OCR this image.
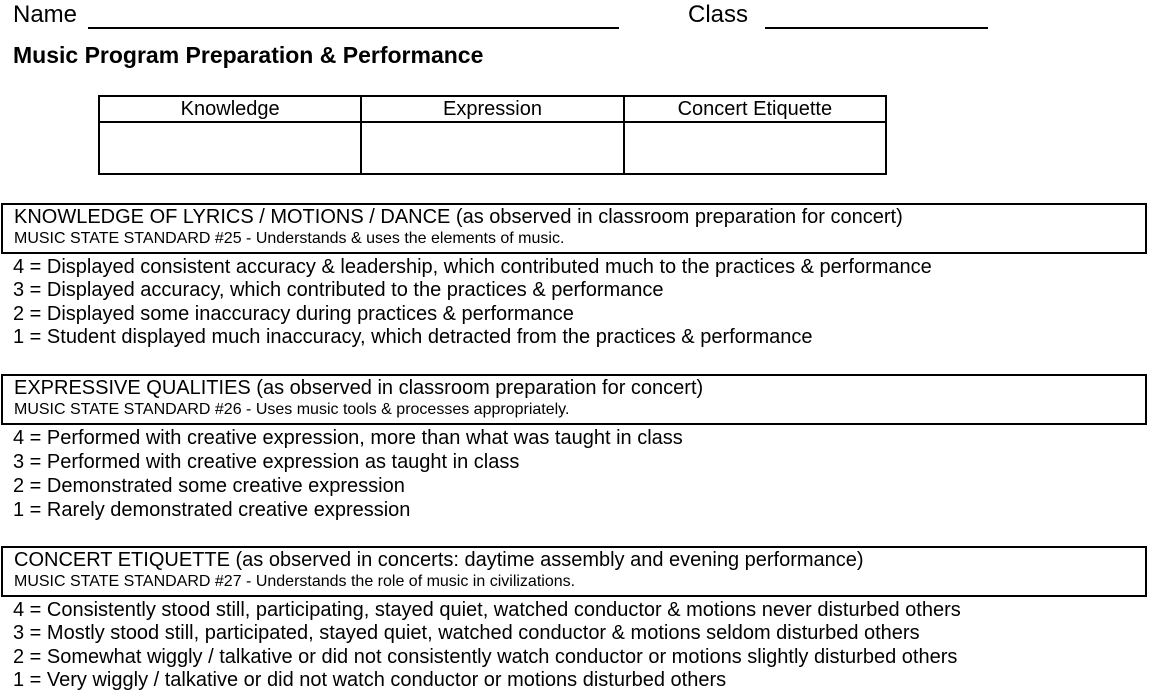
Name	Class
Music Program Preparation & Performance
Knowledge	Expression	Concert Etiquette

KNOWLEDGE OF LYRICS / MOTIONS / DANCE (as observed in classroom preparation for concert)
MUSIC STATE STANDARD #25 - Understands & uses the elements of music.
4 = Displayed consistent accuracy & leadership, which contributed much to the practices & performance
3 = Displayed accuracy, which contributed to the practices & performance
2 = Displayed some inaccuracy during practices & performance
1 = Student displayed much inaccuracy, which detracted from the practices & performance
EXPRESSIVE QUALITIES (as observed in classroom preparation for concert)
MUSIC STATE STANDARD #26 - Uses music tools & processes appropriately.
4 = Performed with creative expression, more than what was taught in class
3 = Performed with creative expression as taught in class
2 = Demonstrated some creative expression
1 = Rarely demonstrated creative expression
CONCERT ETIQUETTE (as observed in concerts: daytime assembly and evening performance)
MUSIC STATE STANDARD #27 - Understands the role of music in civilizations.
4 = Consistently stood still, participating, stayed quiet, watched conductor & motions never disturbed others
3 = Mostly stood still, participated, stayed quiet, watched conductor & motions seldom disturbed others
2 = Somewhat wiggly / talkative or did not consistently watch conductor or motions slightly disturbed others
1 = Very wiggly / talkative or did not watch conductor or motions disturbed others
